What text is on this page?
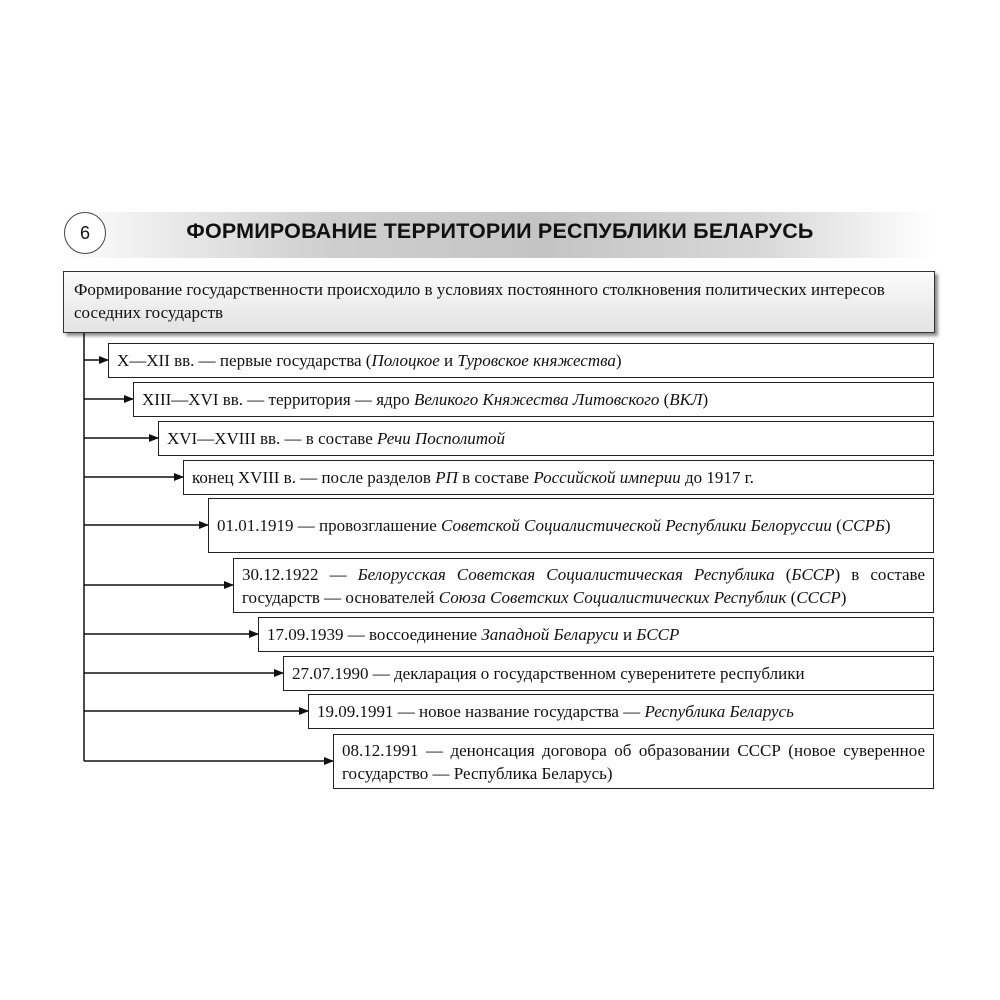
6	ФОРМИРОВАНИЕ ТЕРРИТОРИИ РЕСПУБЛИКИ БЕЛАРУСЬ
Формирование государственности происходило в условиях постоянного столкновения политических интересов соседних государств
X—XII вв. — первые государства (Полоцкое и Туровское княжества)
XIII—XVI вв. — территория — ядро Великого Княжества Литовского (ВКЛ)
XVI—XVIII вв. — в составе Речи Посполитой
конец XVIII в. — после разделов РП в составе Российской империи до 1917 г.
01.01.1919 — провозглашение Советской Социалистической Республики Белоруссии (ССРБ)
30.12.1922 — Белорусская Советская Социалистическая Республика (БССР) в составе государств — основателей Союза Советских Социалистических Республик (СССР)
17.09.1939 — воссоединение Западной Беларуси и БССР
27.07.1990 — декларация о государственном суверенитете республики
19.09.1991 — новое название государства — Республика Беларусь
08.12.1991 — денонсация договора об образовании СССР (новое суверенное государство — Республика Беларусь)
